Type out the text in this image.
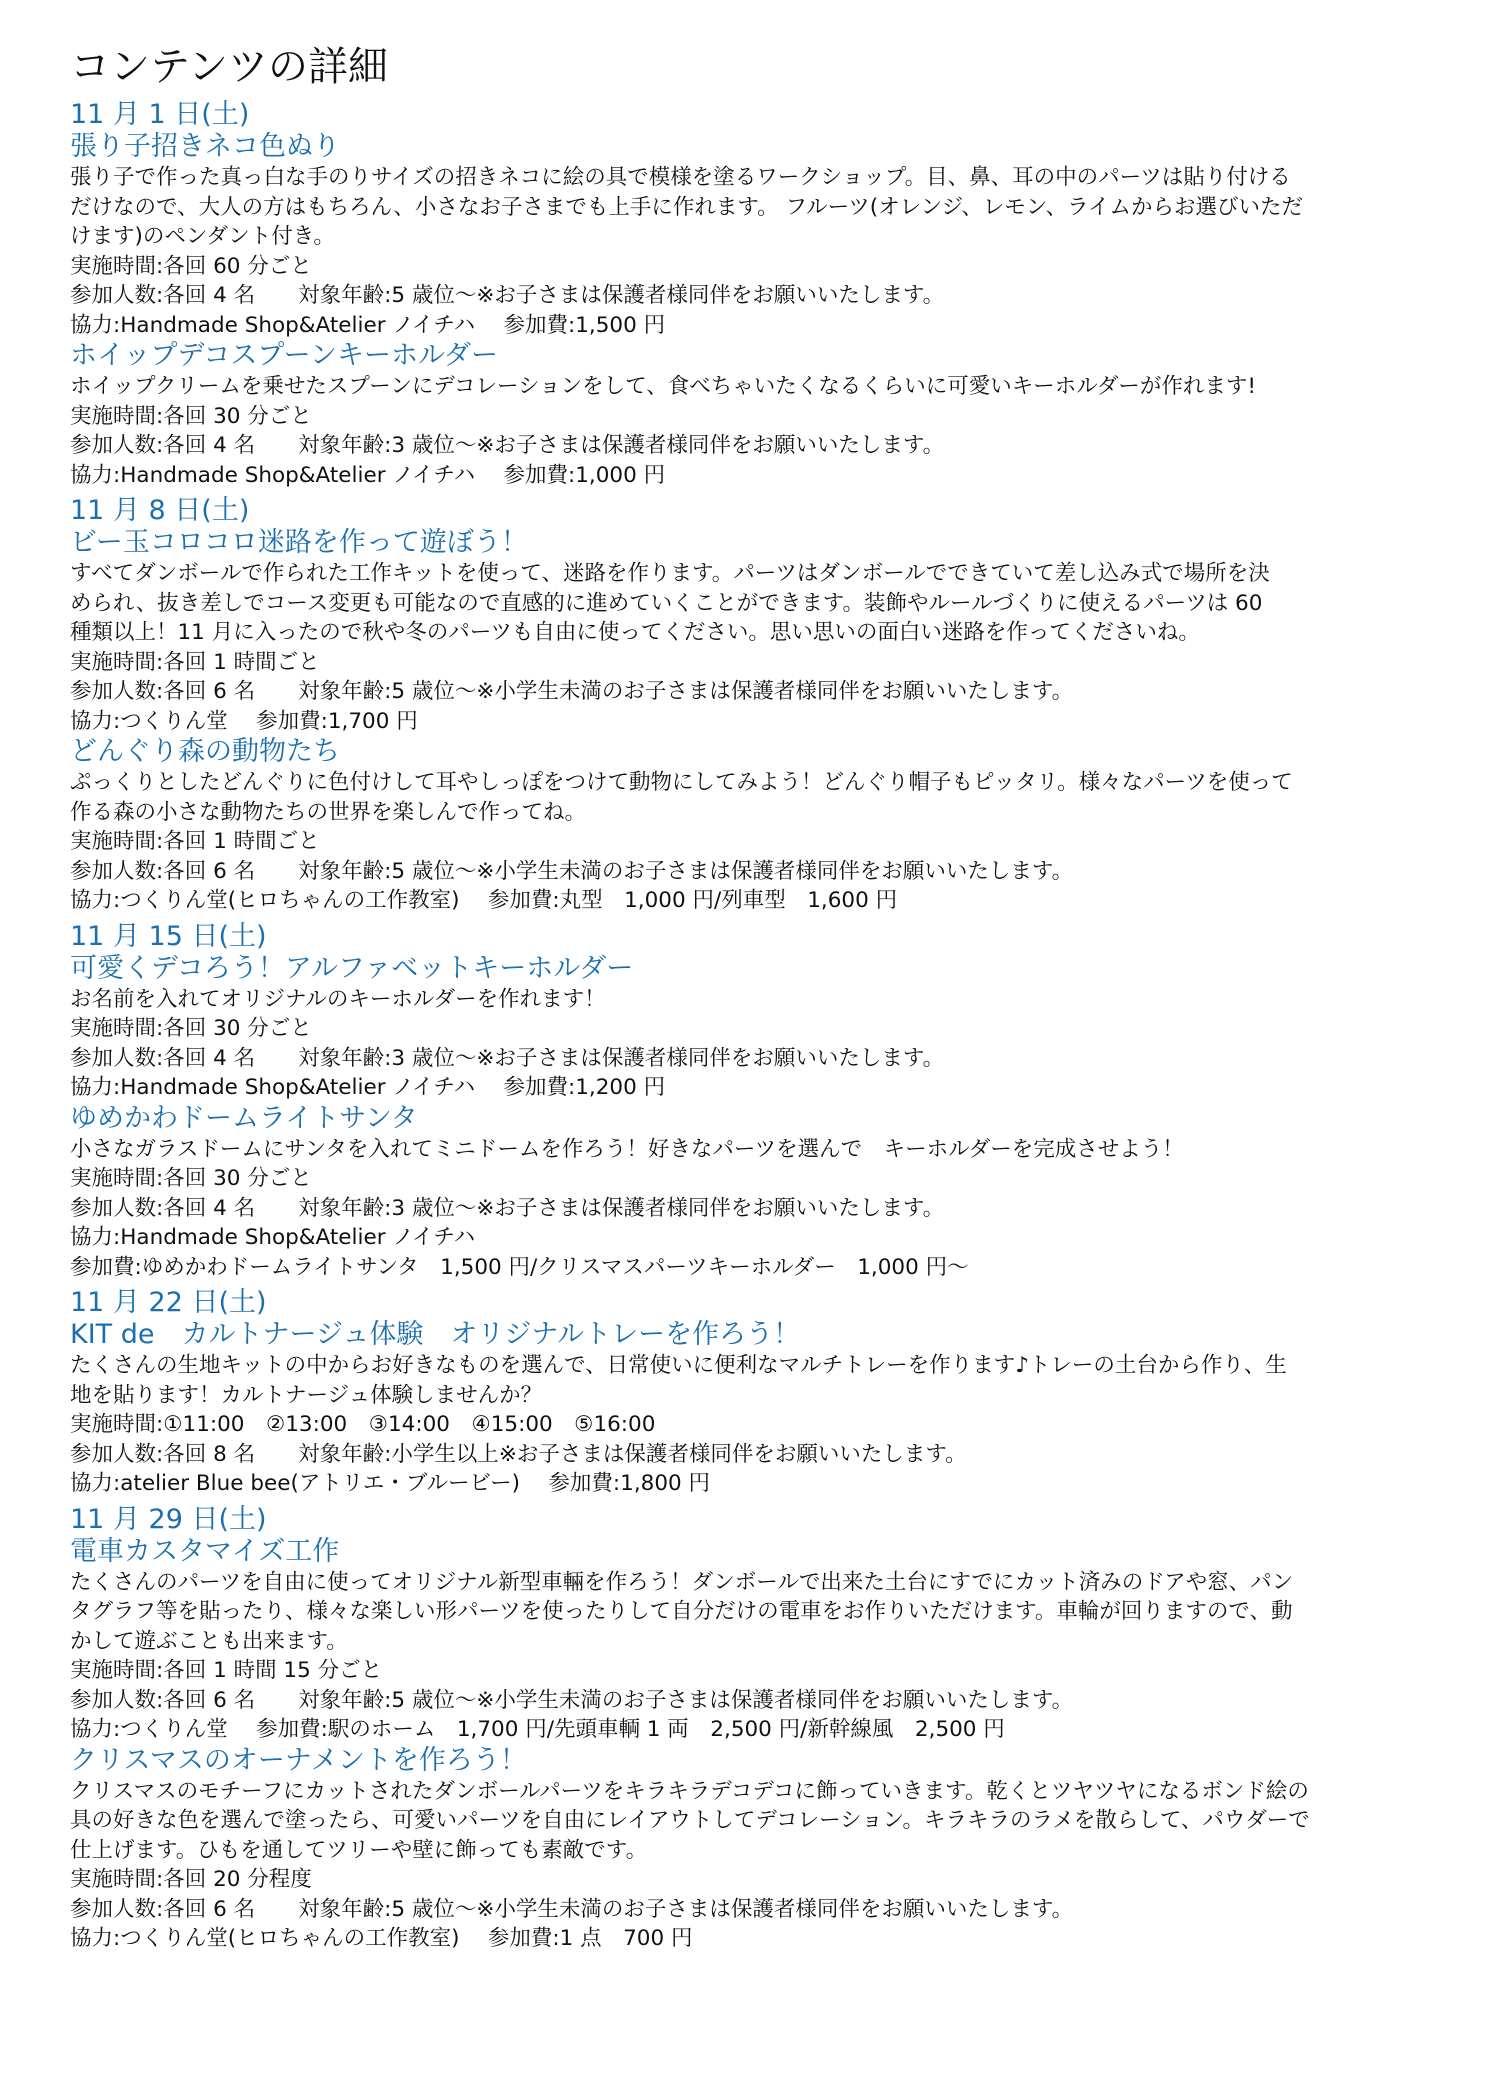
コンテンツの詳細
11 月 1 日(土)
張り子招きネコ色ぬり
張り子で作った真っ白な手のりサイズの招きネコに絵の具で模様を塗るワークショップ。目、鼻、耳の中のパーツは貼り付ける
だけなので、大人の方はもちろん、小さなお子さまでも上手に作れます。 フルーツ(オレンジ、レモン、ライムからお選びいただ
けます)のペンダント付き。
実施時間:各回 60 分ごと
参加人数:各回 4 名　　対象年齢:5 歳位～※お子さまは保護者様同伴をお願いいたします。
協力:Handmade Shop&Atelier ノイチハ　 参加費:1,500 円
ホイップデコスプーンキーホルダー
ホイップクリームを乗せたスプーンにデコレーションをして、食べちゃいたくなるくらいに可愛いキーホルダーが作れます!
実施時間:各回 30 分ごと
参加人数:各回 4 名　　対象年齢:3 歳位～※お子さまは保護者様同伴をお願いいたします。
協力:Handmade Shop&Atelier ノイチハ　 参加費:1,000 円
11 月 8 日(土)
ビー玉コロコロ迷路を作って遊ぼう！
すべてダンボールで作られた工作キットを使って、迷路を作ります。パーツはダンボールでできていて差し込み式で場所を決
められ、抜き差しでコース変更も可能なので直感的に進めていくことができます。装飾やルールづくりに使えるパーツは 60
種類以上！11 月に入ったので秋や冬のパーツも自由に使ってください。思い思いの面白い迷路を作ってくださいね。
実施時間:各回 1 時間ごと
参加人数:各回 6 名　　対象年齢:5 歳位～※小学生未満のお子さまは保護者様同伴をお願いいたします。
協力:つくりん堂　 参加費:1,700 円
どんぐり森の動物たち
ぷっくりとしたどんぐりに色付けして耳やしっぽをつけて動物にしてみよう！どんぐり帽子もピッタリ。様々なパーツを使って
作る森の小さな動物たちの世界を楽しんで作ってね。
実施時間:各回 1 時間ごと
参加人数:各回 6 名　　対象年齢:5 歳位～※小学生未満のお子さまは保護者様同伴をお願いいたします。
協力:つくりん堂(ヒロちゃんの工作教室)　 参加費:丸型　1,000 円/列車型　1,600 円
11 月 15 日(土)
可愛くデコろう！アルファベットキーホルダー
お名前を入れてオリジナルのキーホルダーを作れます！
実施時間:各回 30 分ごと
参加人数:各回 4 名　　対象年齢:3 歳位～※お子さまは保護者様同伴をお願いいたします。
協力:Handmade Shop&Atelier ノイチハ　 参加費:1,200 円
ゆめかわドームライトサンタ
小さなガラスドームにサンタを入れてミニドームを作ろう！好きなパーツを選んで　キーホルダーを完成させよう！
実施時間:各回 30 分ごと
参加人数:各回 4 名　　対象年齢:3 歳位～※お子さまは保護者様同伴をお願いいたします。
協力:Handmade Shop&Atelier ノイチハ
参加費:ゆめかわドームライトサンタ　1,500 円/クリスマスパーツキーホルダー　1,000 円～
11 月 22 日(土)
KIT de　カルトナージュ体験　オリジナルトレーを作ろう！
たくさんの生地キットの中からお好きなものを選んで、日常使いに便利なマルチトレーを作ります♪トレーの土台から作り、生
地を貼ります！カルトナージュ体験しませんか？
実施時間:①11:00　②13:00　③14:00　④15:00　⑤16:00
参加人数:各回 8 名　　対象年齢:小学生以上※お子さまは保護者様同伴をお願いいたします。
協力:atelier Blue bee(アトリエ・ブルービー)　 参加費:1,800 円
11 月 29 日(土)
電車カスタマイズ工作
たくさんのパーツを自由に使ってオリジナル新型車輛を作ろう！ダンボールで出来た土台にすでにカット済みのドアや窓、パン
タグラフ等を貼ったり、様々な楽しい形パーツを使ったりして自分だけの電車をお作りいただけます。車輪が回りますので、動
かして遊ぶことも出来ます。
実施時間:各回 1 時間 15 分ごと
参加人数:各回 6 名　　対象年齢:5 歳位～※小学生未満のお子さまは保護者様同伴をお願いいたします。
協力:つくりん堂　 参加費:駅のホーム　1,700 円/先頭車輌 1 両　2,500 円/新幹線風　2,500 円
クリスマスのオーナメントを作ろう！
クリスマスのモチーフにカットされたダンボールパーツをキラキラデコデコに飾っていきます。乾くとツヤツヤになるボンド絵の
具の好きな色を選んで塗ったら、可愛いパーツを自由にレイアウトしてデコレーション。キラキラのラメを散らして、パウダーで
仕上げます。ひもを通してツリーや壁に飾っても素敵です。
実施時間:各回 20 分程度
参加人数:各回 6 名　　対象年齢:5 歳位～※小学生未満のお子さまは保護者様同伴をお願いいたします。
協力:つくりん堂(ヒロちゃんの工作教室)　 参加費:1 点　700 円
